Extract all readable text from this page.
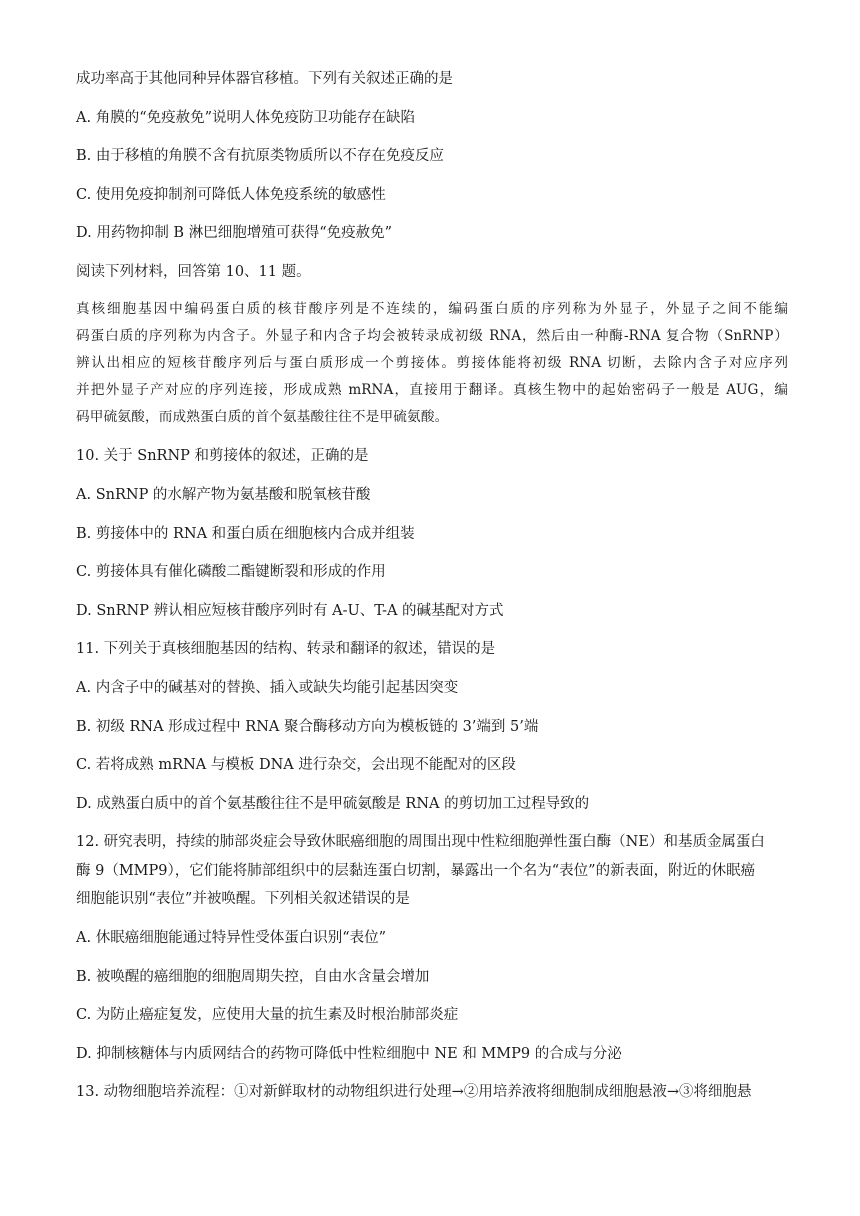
成功率高于其他同种异体器官移植。下列有关叙述正确的是
A. 角膜的“免疫赦免”说明人体免疫防卫功能存在缺陷
B. 由于移植的角膜不含有抗原类物质所以不存在免疫反应
C. 使用免疫抑制剂可降低人体免疫系统的敏感性
D. 用药物抑制 B 淋巴细胞增殖可获得“免疫赦免”
阅读下列材料，回答第 10、11 题。
真核细胞基因中编码蛋白质的核苷酸序列是不连续的，编码蛋白质的序列称为外显子，外显子之间不能编
码蛋白质的序列称为内含子。外显子和内含子均会被转录成初级 RNA，然后由一种酶-RNA 复合物（SnRNP）
辨认出相应的短核苷酸序列后与蛋白质形成一个剪接体。剪接体能将初级 RNA 切断，去除内含子对应序列
并把外显子产对应的序列连接，形成成熟 mRNA，直接用于翻译。真核生物中的起始密码子一般是 AUG，编
码甲硫氨酸，而成熟蛋白质的首个氨基酸往往不是甲硫氨酸。
10. 关于 SnRNP 和剪接体的叙述，正确的是
A. SnRNP 的水解产物为氨基酸和脱氧核苷酸
B. 剪接体中的 RNA 和蛋白质在细胞核内合成并组装
C. 剪接体具有催化磷酸二酯键断裂和形成的作用
D. SnRNP 辨认相应短核苷酸序列时有 A-U、T-A 的碱基配对方式
11. 下列关于真核细胞基因的结构、转录和翻译的叙述，错误的是
A. 内含子中的碱基对的替换、插入或缺失均能引起基因突变
B. 初级 RNA 形成过程中 RNA 聚合酶移动方向为模板链的 3’端到 5’端
C. 若将成熟 mRNA 与模板 DNA 进行杂交，会出现不能配对的区段
D. 成熟蛋白质中的首个氨基酸往往不是甲硫氨酸是 RNA 的剪切加工过程导致的
12. 研究表明，持续的肺部炎症会导致休眠癌细胞的周围出现中性粒细胞弹性蛋白酶（NE）和基质金属蛋白
酶 9（MMP9），它们能将肺部组织中的层黏连蛋白切割，暴露出一个名为“表位”的新表面，附近的休眠癌
细胞能识别“表位”并被唤醒。下列相关叙述错误的是
A. 休眠癌细胞能通过特异性受体蛋白识别“表位”
B. 被唤醒的癌细胞的细胞周期失控，自由水含量会增加
C. 为防止癌症复发，应使用大量的抗生素及时根治肺部炎症
D. 抑制核糖体与内质网结合的药物可降低中性粒细胞中 NE 和 MMP9 的合成与分泌
13. 动物细胞培养流程：①对新鲜取材的动物组织进行处理→②用培养液将细胞制成细胞悬液→③将细胞悬
